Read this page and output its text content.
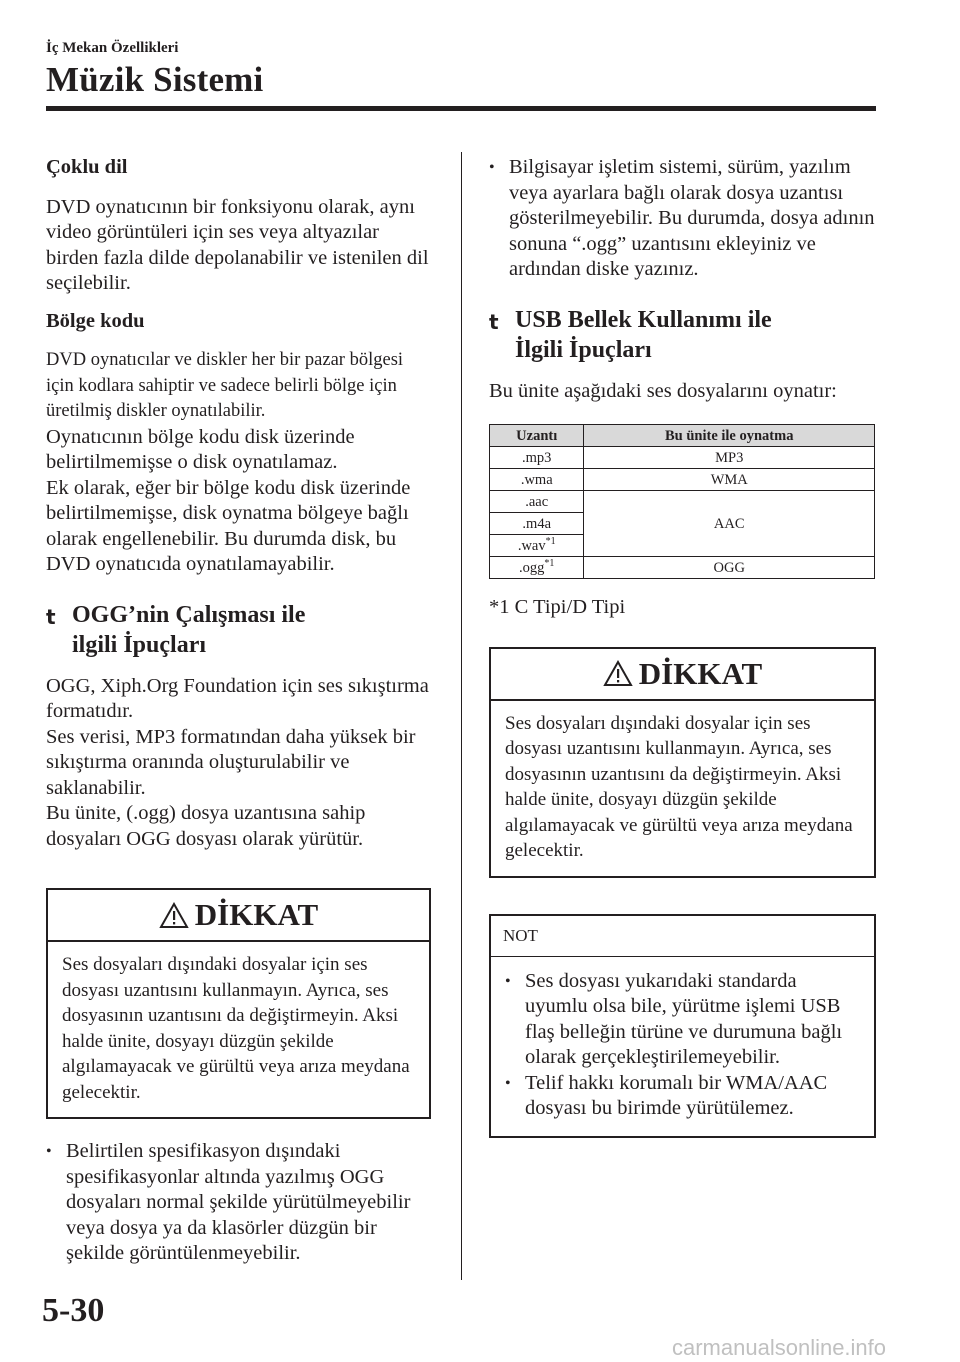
İç Mekan Özellikleri
Müzik Sistemi

Çoklu dil

DVD oynatıcının bir fonksiyonu olarak, aynı video görüntüleri için ses veya altyazılar birden fazla dilde depolanabilir ve istenilen dil seçilebilir.

Bölge kodu

DVD oynatıcılar ve diskler her bir pazar bölgesi için kodlara sahiptir ve sadece belirli bölge için üretilmiş diskler oynatılabilir.

Oynatıcının bölge kodu disk üzerinde belirtilmemişse o disk oynatılamaz.

Ek olarak, eğer bir bölge kodu disk üzerinde belirtilmemişse, disk oynatma bölgeye bağlı olarak engellenebilir. Bu durumda disk, bu DVD oynatıcıda oynatılamayabilir.

t OGG’nin Çalışması ile
ilgili İpuçları

OGG, Xiph.Org Foundation için ses sıkıştırma formatıdır.

Ses verisi, MP3 formatından daha yüksek bir sıkıştırma oranında oluşturulabilir ve saklanabilir.

Bu ünite, (.ogg) dosya uzantısına sahip dosyaları OGG dosyası olarak yürütür.

DİKKAT
Ses dosyaları dışındaki dosyalar için ses dosyası uzantısını kullanmayın. Ayrıca, ses dosyasının uzantısını da değiştirmeyin. Aksi halde ünite, dosyayı düzgün şekilde algılamayacak ve gürültü veya arıza meydana gelecektir.
• Belirtilen spesifikasyon dışındaki spesifikasyonlar altında yazılmış OGG dosyaları normal şekilde yürütülmeyebilir veya dosya ya da klasörler düzgün bir şekilde görüntülenmeyebilir.
• Bilgisayar işletim sistemi, sürüm, yazılım veya ayarlara bağlı olarak dosya uzantısı gösterilmeyebilir. Bu durumda, dosya adının sonuna “.ogg” uzantısını ekleyiniz ve ardından diske yazınız.
t USB Bellek Kullanımı ile
İlgili İpuçları

Bu ünite aşağıdaki ses dosyalarını oynatır:

Uzantı	Bu ünite ile oynatma
.mp3	MP3
.wma	WMA
.aac	AAC
.m4a	
.wav$^{*1}$
.ogg$^{*1}$	OGG

*1 C Tipi/D Tipi

DİKKAT
Ses dosyaları dışındaki dosyalar için ses dosyası uzantısını kullanmayın. Ayrıca, ses dosyasının uzantısını da değiştirmeyin. Aksi halde ünite, dosyayı düzgün şekilde algılamayacak ve gürültü veya arıza meydana gelecektir.
NOT
• Ses dosyası yukarıdaki standarda uyumlu olsa bile, yürütme işlemi USB flaş belleğin türüne ve durumuna bağlı olarak gerçekleştirilemeyebilir.
• Telif hakkı korumalı bir WMA/AAC dosyası bu birimde yürütülemez.
5-30
carmanualsonline.info
